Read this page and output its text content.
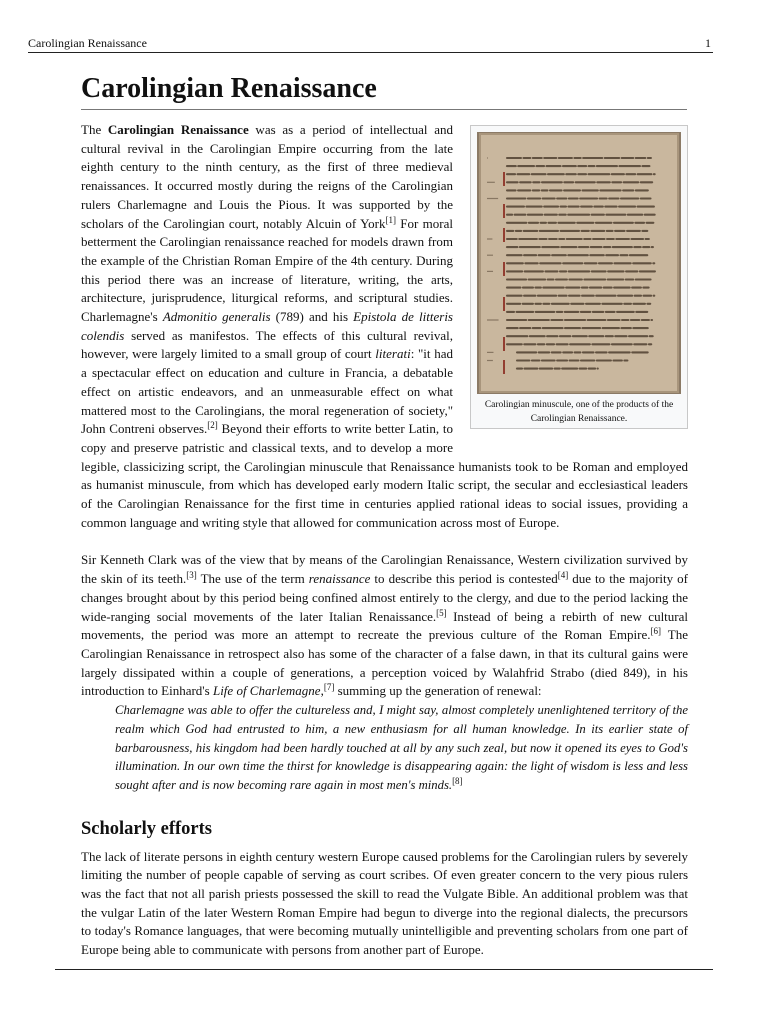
Carolingian Renaissance	1
Carolingian Renaissance
Carolingian minuscule, one of the products of the Carolingian Renaissance.

The Carolingian Renaissance was as a period of intellectual and cultural revival in the Carolingian Empire occurring from the late eighth century to the ninth century, as the first of three medieval renaissances. It occurred mostly during the reigns of the Carolingian rulers Charlemagne and Louis the Pious. It was supported by the scholars of the Carolingian court, notably Alcuin of York[1] For moral betterment the Carolingian renaissance reached for models drawn from the example of the Christian Roman Empire of the 4th century. During this period there was an increase of literature, writing, the arts, architecture, jurisprudence, liturgical reforms, and scriptural studies. Charlemagne's Admonitio generalis (789) and his Epistola de litteris colendis served as manifestos. The effects of this cultural revival, however, were largely limited to a small group of court literati: "it had a spectacular effect on education and culture in Francia, a debatable effect on artistic endeavors, and an unmeasurable effect on what mattered most to the Carolingians, the moral regeneration of society," John Contreni observes.[2] Beyond their efforts to write better Latin, to copy and preserve patristic and classical texts, and to develop a more legible, classicizing script, the Carolingian minuscule that Renaissance humanists took to be Roman and employed as humanist minuscule, from which has developed early modern Italic script, the secular and ecclesiastical leaders of the Carolingian Renaissance for the first time in centuries applied rational ideas to social issues, providing a common language and writing style that allowed for communication across most of Europe.

Sir Kenneth Clark was of the view that by means of the Carolingian Renaissance, Western civilization survived by the skin of its teeth.[3] The use of the term renaissance to describe this period is contested[4] due to the majority of changes brought about by this period being confined almost entirely to the clergy, and due to the period lacking the wide-ranging social movements of the later Italian Renaissance.[5] Instead of being a rebirth of new cultural movements, the period was more an attempt to recreate the previous culture of the Roman Empire.[6] The Carolingian Renaissance in retrospect also has some of the character of a false dawn, in that its cultural gains were largely dissipated within a couple of generations, a perception voiced by Walahfrid Strabo (died 849), in his introduction to Einhard's Life of Charlemagne,[7] summing up the generation of renewal:

Charlemagne was able to offer the cultureless and, I might say, almost completely unenlightened territory of the realm which God had entrusted to him, a new enthusiasm for all human knowledge. In its earlier state of barbarousness, his kingdom had been hardly touched at all by any such zeal, but now it opened its eyes to God's illumination. In our own time the thirst for knowledge is disappearing again: the light of wisdom is less and less sought after and is now becoming rare again in most men's minds.[8]
Scholarly efforts

The lack of literate persons in eighth century western Europe caused problems for the Carolingian rulers by severely limiting the number of people capable of serving as court scribes. Of even greater concern to the very pious rulers was the fact that not all parish priests possessed the skill to read the Vulgate Bible. An additional problem was that the vulgar Latin of the later Western Roman Empire had begun to diverge into the regional dialects, the precursors to today's Romance languages, that were becoming mutually unintelligible and preventing scholars from one part of Europe being able to communicate with persons from another part of Europe.
